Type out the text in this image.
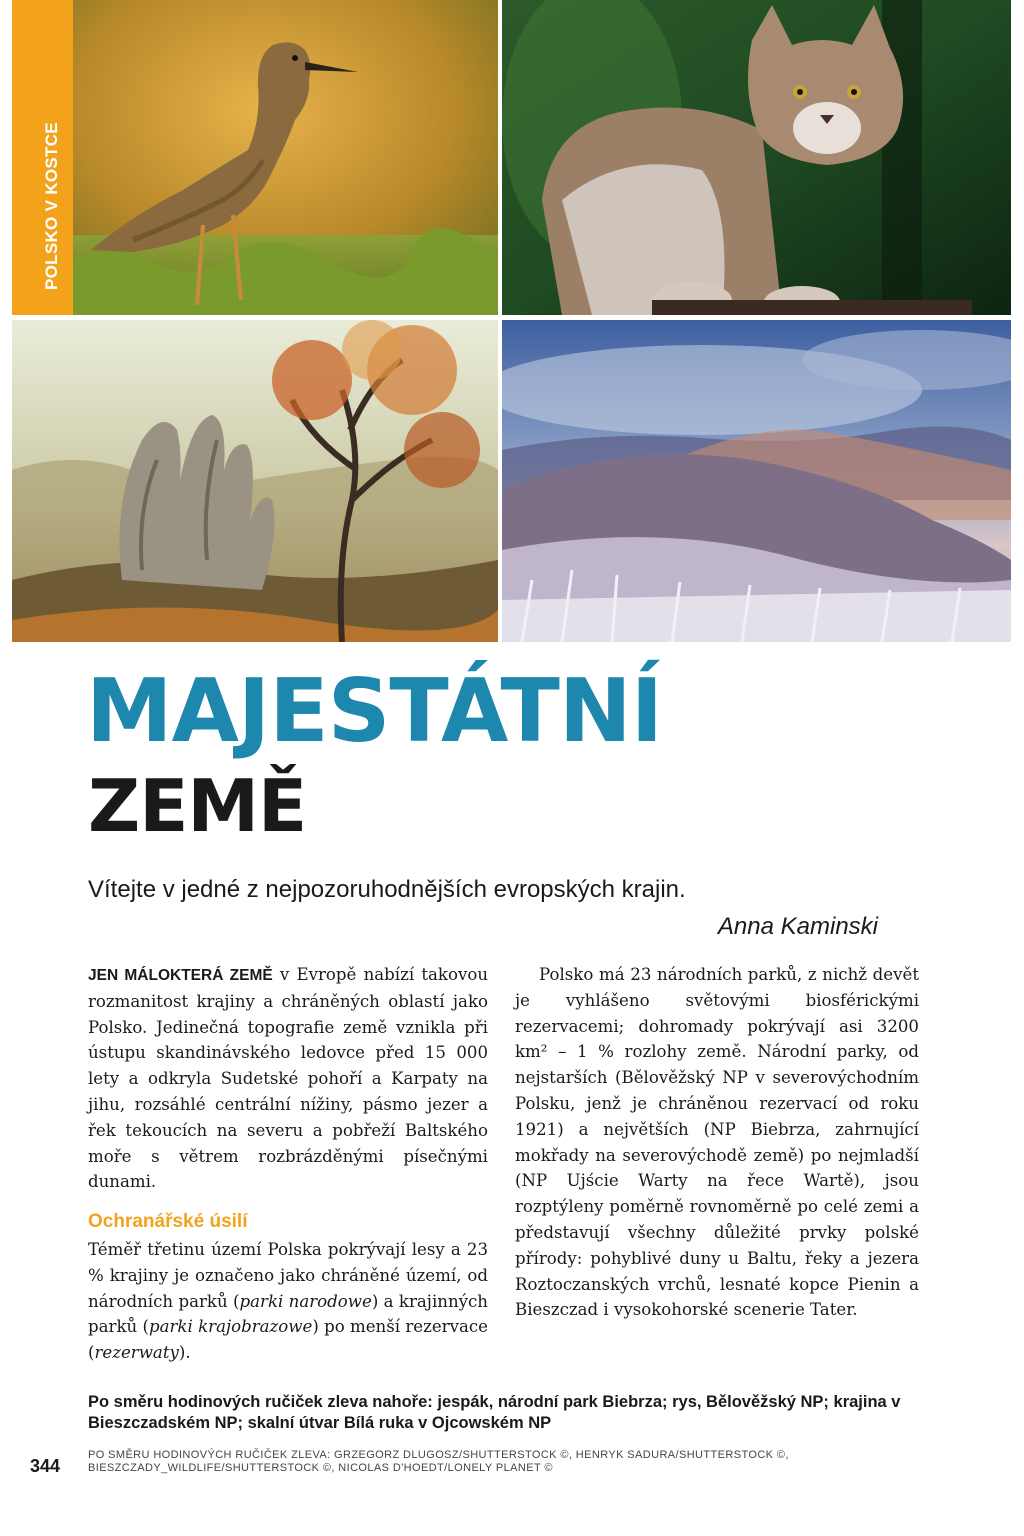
POLSKO V KOSTCE
MAJESTÁTNÍ
ZEMĚ
Vítejte v jedné z nejpozoruhodnějších evropských krajin.
Anna Kaminski

JEN MÁLOKTERÁ ZEMĚ v Evropě nabízí takovou rozmanitost krajiny a chráněných oblastí jako Polsko. Jedinečná topografie země vznikla při ústupu skandinávského ledovce před 15 000 lety a odkryla Sudetské pohoří a Karpaty na jihu, rozsáhlé centrální nížiny, pásmo jezer a řek tekoucích na severu a pobřeží Baltského moře s větrem rozbrázděnými písečnými dunami.

Ochranářské úsilí

Téměř třetinu území Polska pokrývají lesy a 23 % krajiny je označeno jako chráněné území, od národních parků (parki narodowe) a krajinných parků (parki krajobrazowe) po menší rezervace (rezerwaty).

Polsko má 23 národních parků, z nichž devět je vyhlášeno světovými biosférickými rezervacemi; dohromady pokrývají asi 3200 km² – 1 % rozlohy země. Národní parky, od nejstarších (Bělověžský NP v severovýchodním Polsku, jenž je chráněnou rezervací od roku 1921) a největších (NP Biebrza, zahrnující mokřady na severovýchodě země) po nejmladší (NP Ujście Warty na řece Wartě), jsou rozptýleny poměrně rovnoměrně po celé zemi a představují všechny důležité prvky polské přírody: pohyblivé duny u Baltu, řeky a jezera Roztoczanských vrchů, lesnaté kopce Pienin a Bieszczad i vysokohorské scenerie Tater.

Po směru hodinových ručiček zleva nahoře: jespák, národní park Biebrza; rys, Bělověžský NP; krajina v Bieszczadském NP; skalní útvar Bílá ruka v Ojcowském NP
344
PO SMĚRU HODINOVÝCH RUČIČEK ZLEVA: GRZEGORZ DLUGOSZ/SHUTTERSTOCK ©, HENRYK SADURA/SHUTTERSTOCK ©, BIESZCZADY_WILDLIFE/SHUTTERSTOCK ©, NICOLAS D'HOEDT/LONELY PLANET ©
